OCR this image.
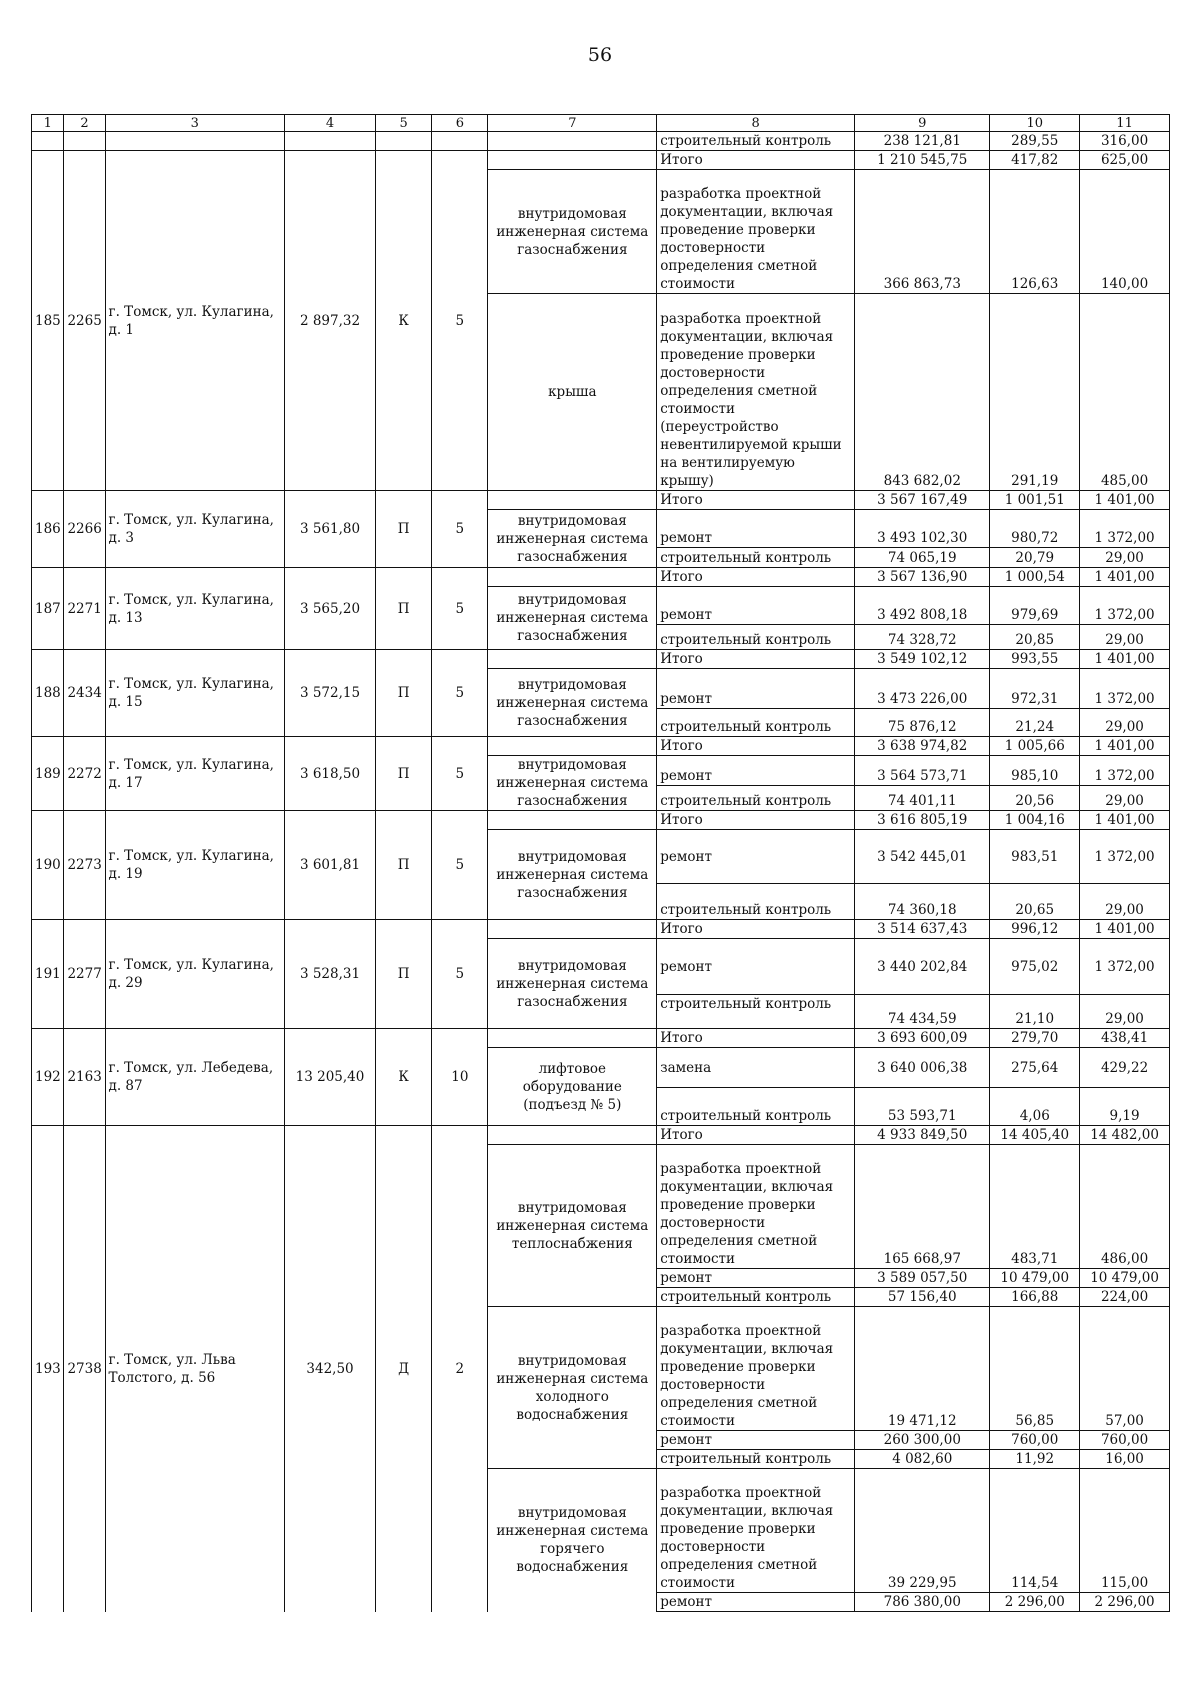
56
1	2	3	4	5	6	7	8	9	10	11
							строительный контроль	238 121,81	289,55	316,00
185	2265	г. Томск, ул. Кулагина, д. 1	2 897,32	К	5		Итого	1 210 545,75	417,82	625,00
						внутридомовая инженерная система газоснабжения	разработка проектной документации, включая проведение проверки достоверности определения сметной стоимости	366 863,73	126,63	140,00
						крыша	разработка проектной документации, включая проведение проверки достоверности определения сметной стоимости (переустройство невентилируемой крыши на вентилируемую крышу)	843 682,02	291,19	485,00
186	2266	г. Томск, ул. Кулагина, д. 3	3 561,80	П	5		Итого	3 567 167,49	1 001,51	1 401,00
						внутридомовая инженерная система газоснабжения	ремонт	3 493 102,30	980,72	1 372,00
							строительный контроль	74 065,19	20,79	29,00
187	2271	г. Томск, ул. Кулагина, д. 13	3 565,20	П	5		Итого	3 567 136,90	1 000,54	1 401,00
						внутридомовая инженерная система газоснабжения	ремонт	3 492 808,18	979,69	1 372,00
							строительный контроль	74 328,72	20,85	29,00
188	2434	г. Томск, ул. Кулагина, д. 15	3 572,15	П	5		Итого	3 549 102,12	993,55	1 401,00
						внутридомовая инженерная система газоснабжения	ремонт	3 473 226,00	972,31	1 372,00
							строительный контроль	75 876,12	21,24	29,00
189	2272	г. Томск, ул. Кулагина, д. 17	3 618,50	П	5		Итого	3 638 974,82	1 005,66	1 401,00
						внутридомовая инженерная система газоснабжения	ремонт	3 564 573,71	985,10	1 372,00
							строительный контроль	74 401,11	20,56	29,00
190	2273	г. Томск, ул. Кулагина, д. 19	3 601,81	П	5		Итого	3 616 805,19	1 004,16	1 401,00
						внутридомовая инженерная система газоснабжения	ремонт	3 542 445,01	983,51	1 372,00
							строительный контроль	74 360,18	20,65	29,00
191	2277	г. Томск, ул. Кулагина, д. 29	3 528,31	П	5		Итого	3 514 637,43	996,12	1 401,00
						внутридомовая инженерная система газоснабжения	ремонт	3 440 202,84	975,02	1 372,00
							строительный контроль	74 434,59	21,10	29,00
192	2163	г. Томск, ул. Лебедева, д. 87	13 205,40	К	10		Итого	3 693 600,09	279,70	438,41
						лифтовое оборудование (подъезд № 5)	замена	3 640 006,38	275,64	429,22
							строительный контроль	53 593,71	4,06	9,19
193	2738	г. Томск, ул. Льва Толстого, д. 56	342,50	Д	2		Итого	4 933 849,50	14 405,40	14 482,00
						внутридомовая инженерная система теплоснабжения	разработка проектной документации, включая проведение проверки достоверности определения сметной стоимости	165 668,97	483,71	486,00
							ремонт	3 589 057,50	10 479,00	10 479,00
							строительный контроль	57 156,40	166,88	224,00
						внутридомовая инженерная система холодного водоснабжения	разработка проектной документации, включая проведение проверки достоверности определения сметной стоимости	19 471,12	56,85	57,00
							ремонт	260 300,00	760,00	760,00
							строительный контроль	4 082,60	11,92	16,00
						внутридомовая инженерная система горячего водоснабжения	разработка проектной документации, включая проведение проверки достоверности определения сметной стоимости	39 229,95	114,54	115,00
							ремонт	786 380,00	2 296,00	2 296,00
